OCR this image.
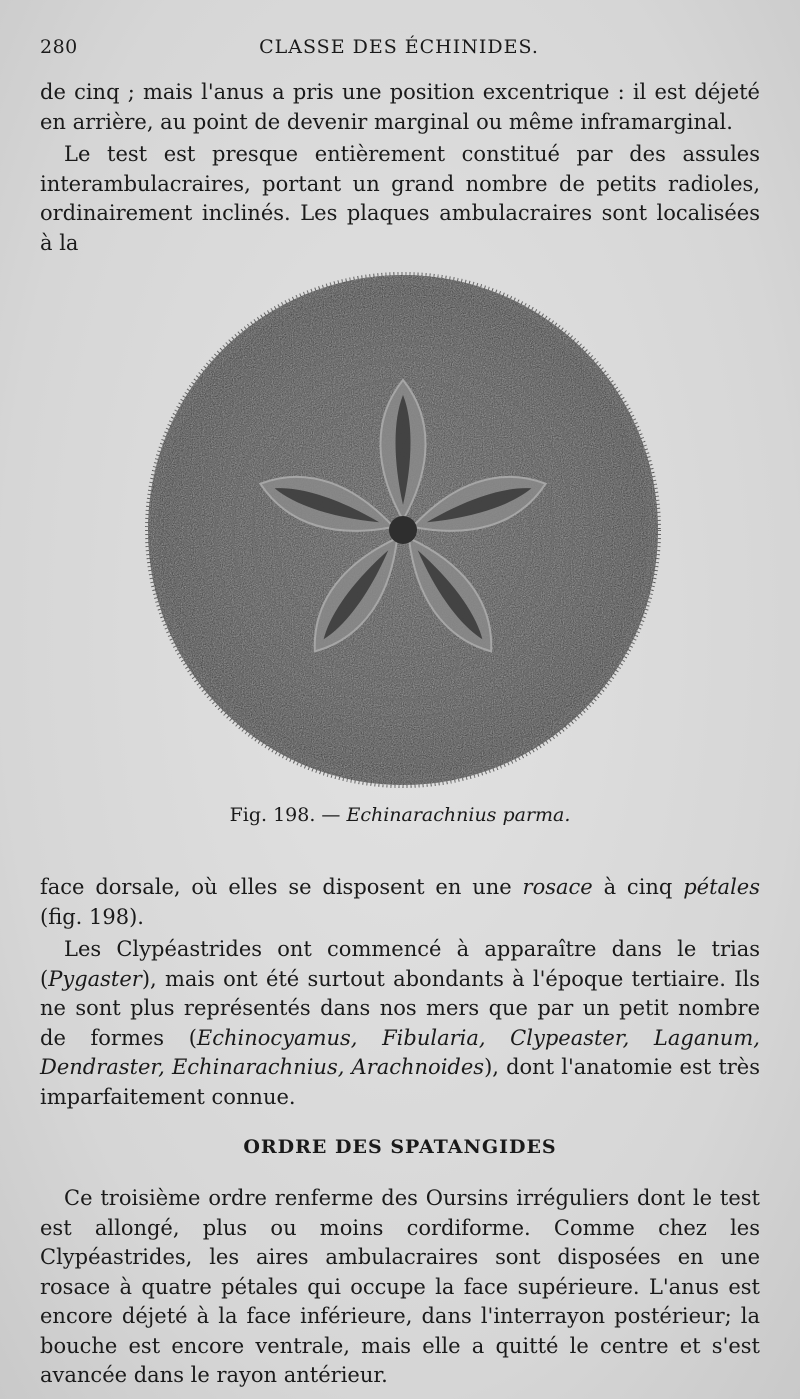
280	CLASSE DES ÉCHINIDES.

de cinq ; mais l'anus a pris une position excentrique : il est déjeté en arrière, au point de devenir marginal ou même inframarginal.

Le test est presque entièrement constitué par des assules interambulacraires, portant un grand nombre de petits radioles, ordinairement inclinés. Les plaques ambulacraires sont localisées à la

Fig. 198. — Echinarachnius parma.

face dorsale, où elles se disposent en une rosace à cinq pétales (fig. 198).

Les Clypéastrides ont commencé à apparaître dans le trias (Pygaster), mais ont été surtout abondants à l'époque tertiaire. Ils ne sont plus représentés dans nos mers que par un petit nombre de formes (Echinocyamus, Fibularia, Clypeaster, Laganum, Dendraster, Echinarachnius, Arachnoides), dont l'anatomie est très imparfaitement connue.

ORDRE DES SPATANGIDES

Ce troisième ordre renferme des Oursins irréguliers dont le test est allongé, plus ou moins cordiforme. Comme chez les Clypéastrides, les aires ambulacraires sont disposées en une rosace à quatre pétales qui occupe la face supérieure. L'anus est encore déjeté à la face inférieure, dans l'interrayon postérieur; la bouche est encore ventrale, mais elle a quitté le centre et s'est avancée dans le rayon antérieur.
